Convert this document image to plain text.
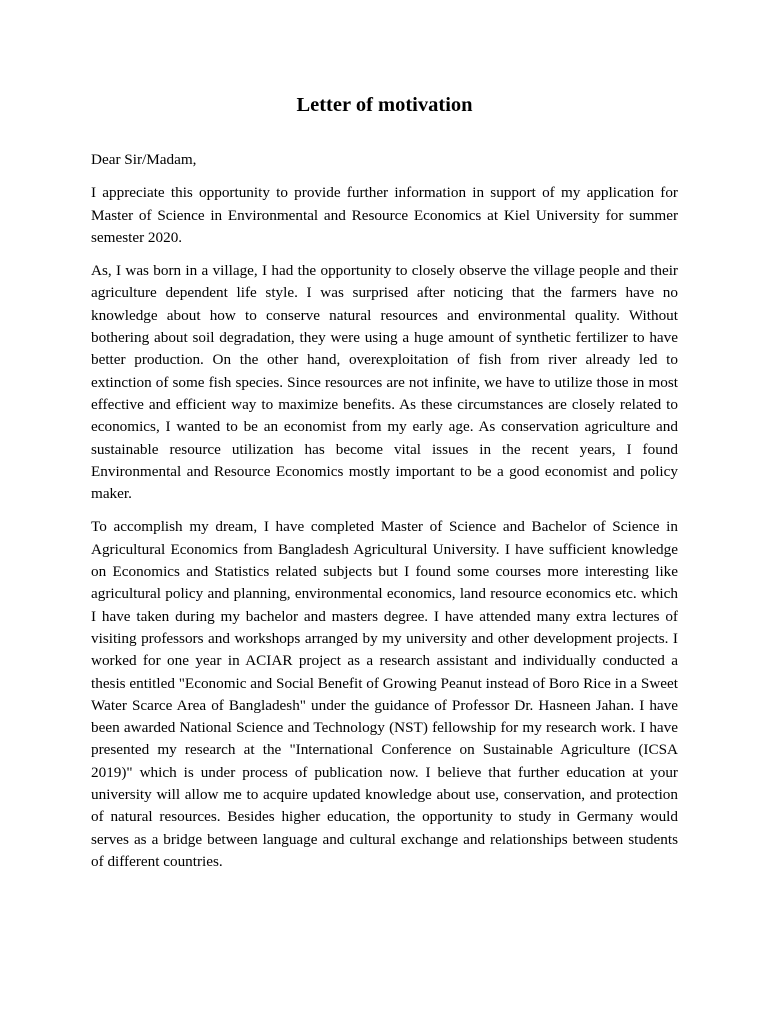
Letter of motivation

Dear Sir/Madam,

I appreciate this opportunity to provide further information in support of my application for Master of Science in Environmental and Resource Economics at Kiel University for summer semester 2020.

As, I was born in a village, I had the opportunity to closely observe the village people and their agriculture dependent life style. I was surprised after noticing that the farmers have no knowledge about how to conserve natural resources and environmental quality. Without bothering about soil degradation, they were using a huge amount of synthetic fertilizer to have better production. On the other hand, overexploitation of fish from river already led to extinction of some fish species. Since resources are not infinite, we have to utilize those in most effective and efficient way to maximize benefits. As these circumstances are closely related to economics, I wanted to be an economist from my early age. As conservation agriculture and sustainable resource utilization has become vital issues in the recent years, I found Environmental and Resource Economics mostly important to be a good economist and policy maker.

To accomplish my dream, I have completed Master of Science and Bachelor of Science in Agricultural Economics from Bangladesh Agricultural University. I have sufficient knowledge on Economics and Statistics related subjects but I found some courses more interesting like agricultural policy and planning, environmental economics, land resource economics etc. which I have taken during my bachelor and masters degree. I have attended many extra lectures of visiting professors and workshops arranged by my university and other development projects. I worked for one year in ACIAR project as a research assistant and individually conducted a thesis entitled "Economic and Social Benefit of Growing Peanut instead of Boro Rice in a Sweet Water Scarce Area of Bangladesh" under the guidance of Professor Dr. Hasneen Jahan. I have been awarded National Science and Technology (NST) fellowship for my research work. I have presented my research at the "International Conference on Sustainable Agriculture (ICSA 2019)" which is under process of publication now. I believe that further education at your university will allow me to acquire updated knowledge about use, conservation, and protection of natural resources. Besides higher education, the opportunity to study in Germany would serves as a bridge between language and cultural exchange and relationships between students of different countries.
